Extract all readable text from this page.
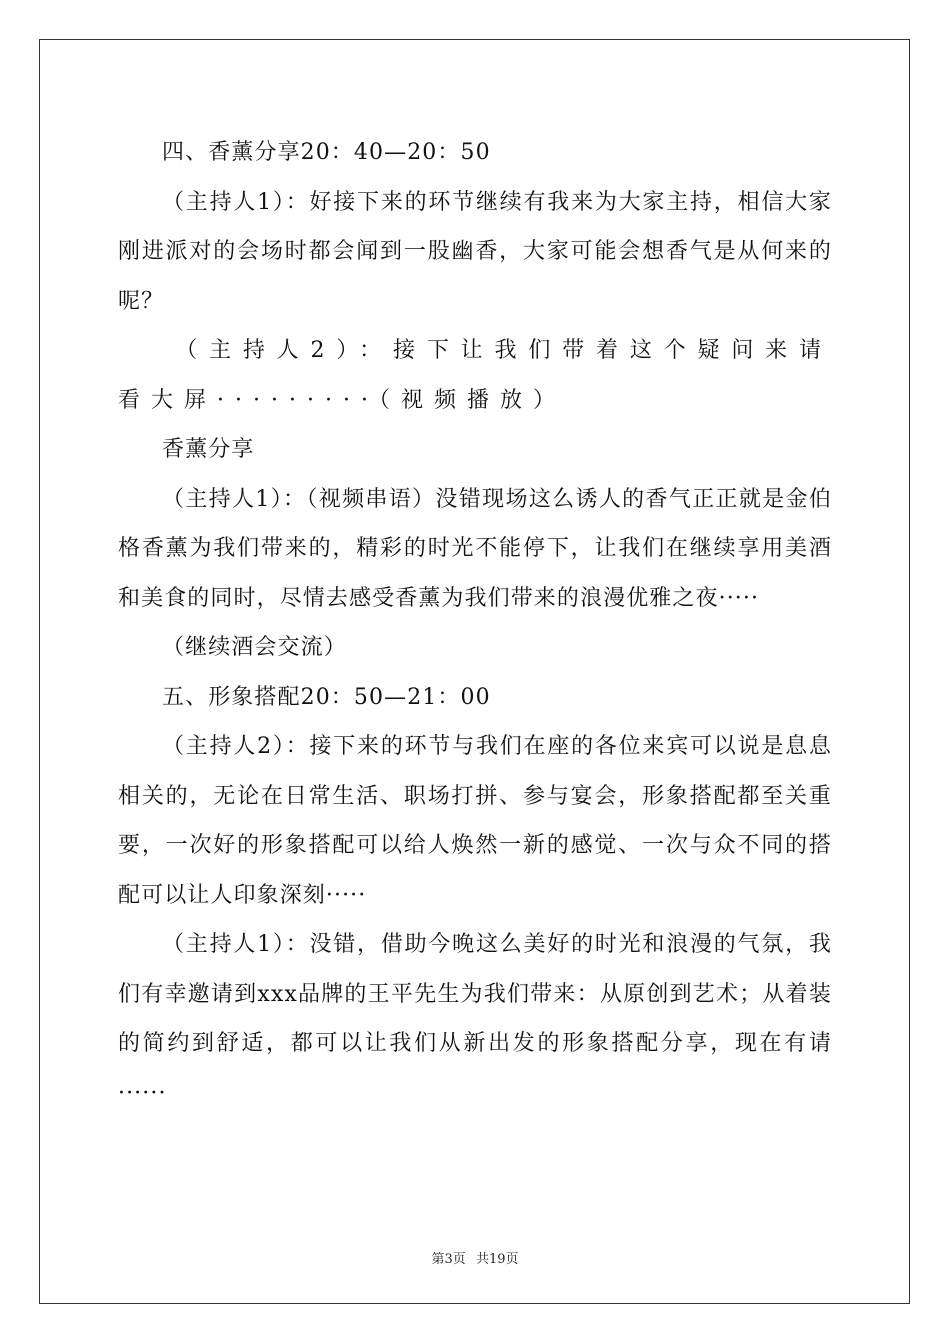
四、香薰分享20：40—20：50

（主持人1）：好接下来的环节继续有我来为大家主持，相信大家刚进派对的会场时都会闻到一股幽香，大家可能会想香气是从何来的呢？

（主持人2）：接下让我们带着这个疑问来请看大屏·········（视频播放）

香薰分享

（主持人1）：（视频串语）没错现场这么诱人的香气正正就是金伯格香薰为我们带来的，精彩的时光不能停下，让我们在继续享用美酒和美食的同时，尽情去感受香薰为我们带来的浪漫优雅之夜·····

（继续酒会交流）

五、形象搭配20：50—21：00

（主持人2）：接下来的环节与我们在座的各位来宾可以说是息息相关的，无论在日常生活、职场打拼、参与宴会，形象搭配都至关重要，一次好的形象搭配可以给人焕然一新的感觉、一次与众不同的搭配可以让人印象深刻·····

（主持人1）：没错，借助今晚这么美好的时光和浪漫的气氛，我们有幸邀请到xxx品牌的王平先生为我们带来：从原创到艺术；从着装的简约到舒适，都可以让我们从新出发的形象搭配分享，现在有请······

第3页 共19页
